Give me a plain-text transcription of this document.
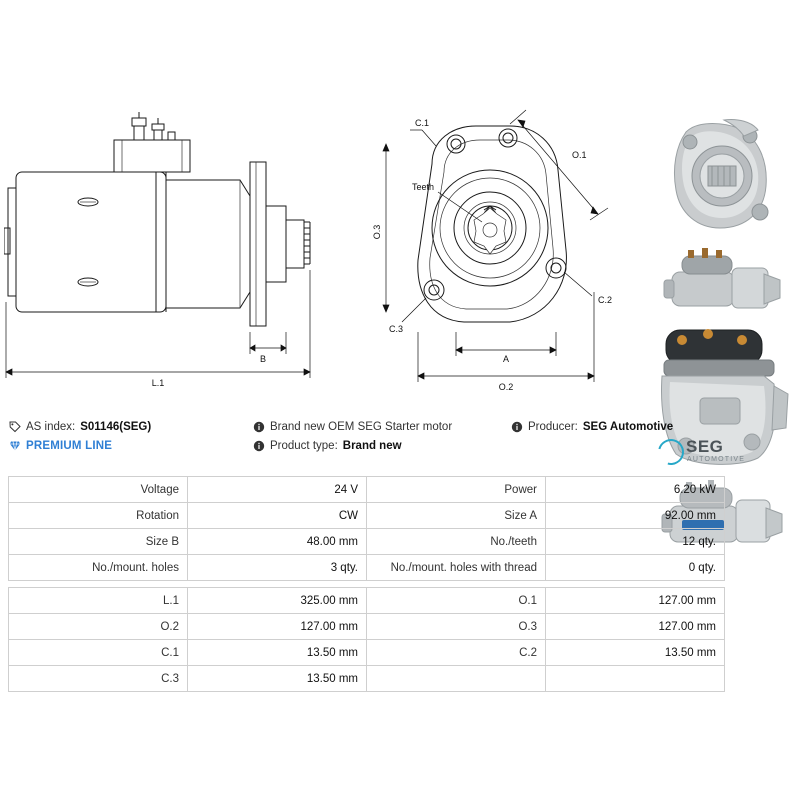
B
L.1
C.1
C.2
C.3
Teeth
O.1
O.3
A
O.2
AS index: S01146(SEG)	Brand new OEM SEG Starter motor	Producer: SEG Automotive
PREMIUM LINE	Product type: Brand new	SEG
AUTOMOTIVE
Voltage	24 V	Power	6.20 kW
Rotation	CW	Size A	92.00 mm
Size B	48.00 mm	No./teeth	12 qty.
No./mount. holes	3 qty.	No./mount. holes with thread	0 qty.

L.1	325.00 mm	O.1	127.00 mm
O.2	127.00 mm	O.3	127.00 mm
C.1	13.50 mm	C.2	13.50 mm
C.3	13.50 mm		
